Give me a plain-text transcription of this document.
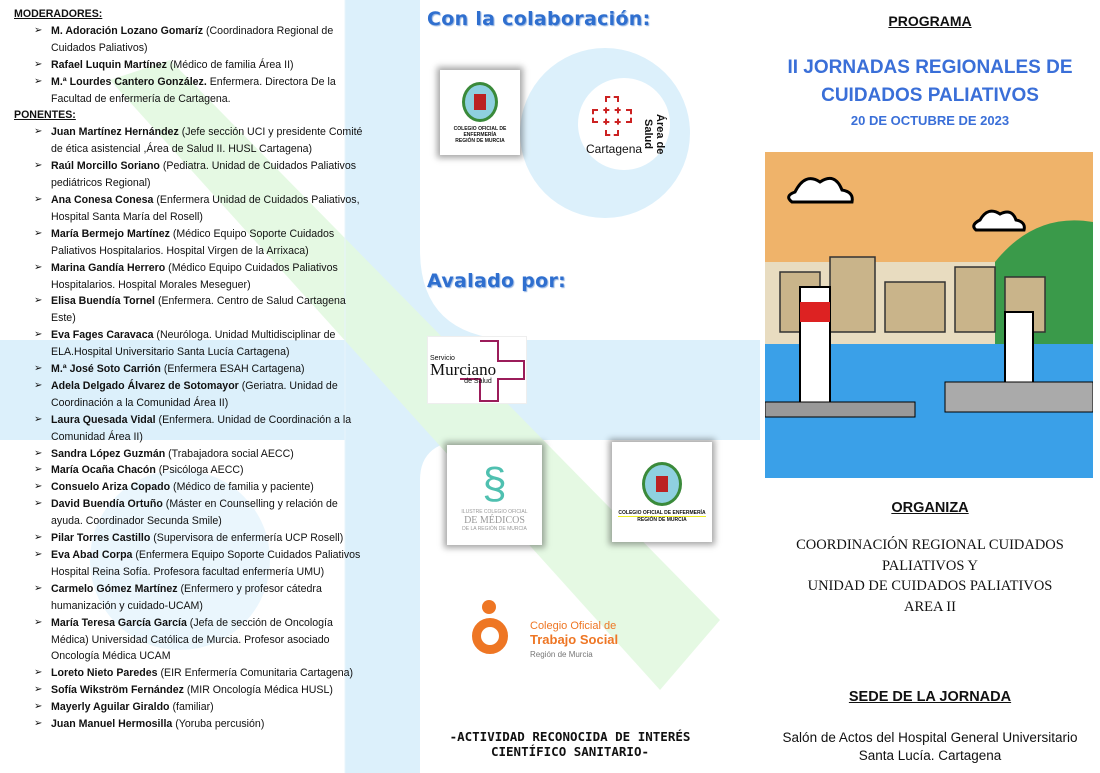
MODERADORES:
➢ M. Adoración Lozano Gomaríz (Coordinadora Regional de Cuidados Paliativos)
➢ Rafael Luquin Martínez (Médico de familia Área II)
➢ M.ª Lourdes Cantero González. Enfermera. Directora De la Facultad de enfermería de Cartagena.
PONENTES:
➢ Juan Martínez Hernández (Jefe sección UCI y presidente Comité de ética asistencial ,Área de Salud II. HUSL Cartagena)
➢ Raúl Morcillo Soriano (Pediatra. Unidad de Cuidados Paliativos pediátricos Regional)
➢ Ana Conesa Conesa (Enfermera Unidad de Cuidados Paliativos, Hospital Santa María del Rosell)
➢ María Bermejo Martínez (Médico Equipo Soporte Cuidados Paliativos Hospitalarios. Hospital Virgen de la Arrixaca)
➢ Marina Gandía Herrero (Médico Equipo Cuidados Paliativos Hospitalarios. Hospital Morales Meseguer)
➢ Elisa Buendía Tornel (Enfermera. Centro de Salud Cartagena Este)
➢ Eva Fages Caravaca (Neuróloga. Unidad Multidisciplinar de ELA.Hospital Universitario Santa Lucía Cartagena)
➢ M.ª José Soto Carrión (Enfermera ESAH Cartagena)
➢ Adela Delgado Álvarez de Sotomayor (Geriatra. Unidad de Coordinación a la Comunidad Área II)
➢ Laura Quesada Vidal (Enfermera. Unidad de Coordinación a la Comunidad Área II)
➢ Sandra López Guzmán (Trabajadora social AECC)
➢ María Ocaña Chacón (Psicóloga AECC)
➢ Consuelo Ariza Copado (Médico de familia y paciente)
➢ David Buendía Ortuño (Máster en Counselling y relación de ayuda. Coordinador Secunda Smile)
➢ Pilar Torres Castillo (Supervisora de enfermería UCP Rosell)
➢ Eva Abad Corpa (Enfermera Equipo Soporte Cuidados Paliativos Hospital Reina Sofía. Profesora facultad enfermería UMU)
➢ Carmelo Gómez Martínez (Enfermero y profesor cátedra humanización y cuidado-UCAM)
➢ María Teresa García García (Jefa de sección de Oncología Médica) Universidad Católica de Murcia. Profesor asociado Oncología Médica UCAM
➢ Loreto Nieto Paredes (EIR Enfermería Comunitaria Cartagena)
➢ Sofía Wikström Fernández (MIR Oncología Médica HUSL)
➢ Mayerly Aguilar Giraldo (familiar)
➢ Juan Manuel Hermosilla (Yoruba percusión)
Con la colaboración:
Avalado por:
COLEGIO OFICIAL DE ENFERMERÍA
REGIÓN DE MURCIA	Área de Salud
Cartagena
Servicio
Murciano
de Salud
§
ILUSTRE COLEGIO OFICIAL
DE MÉDICOS
DE LA REGIÓN DE MURCIA
COLEGIO OFICIAL DE ENFERMERÍA
REGIÓN DE MURCIA
Colegio Oficial de
Trabajo Social
Región de Murcia
-ACTIVIDAD RECONOCIDA DE INTERÉS
CIENTÍFICO SANITARIO-
PROGRAMA
II JORNADAS REGIONALES DE
CUIDADOS PALIATIVOS
20 DE OCTUBRE DE 2023
ORGANIZA
COORDINACIÓN REGIONAL CUIDADOS
PALIATIVOS Y
UNIDAD DE CUIDADOS PALIATIVOS
AREA II
SEDE DE LA JORNADA
Salón de Actos del Hospital General Universitario
Santa Lucía. Cartagena
